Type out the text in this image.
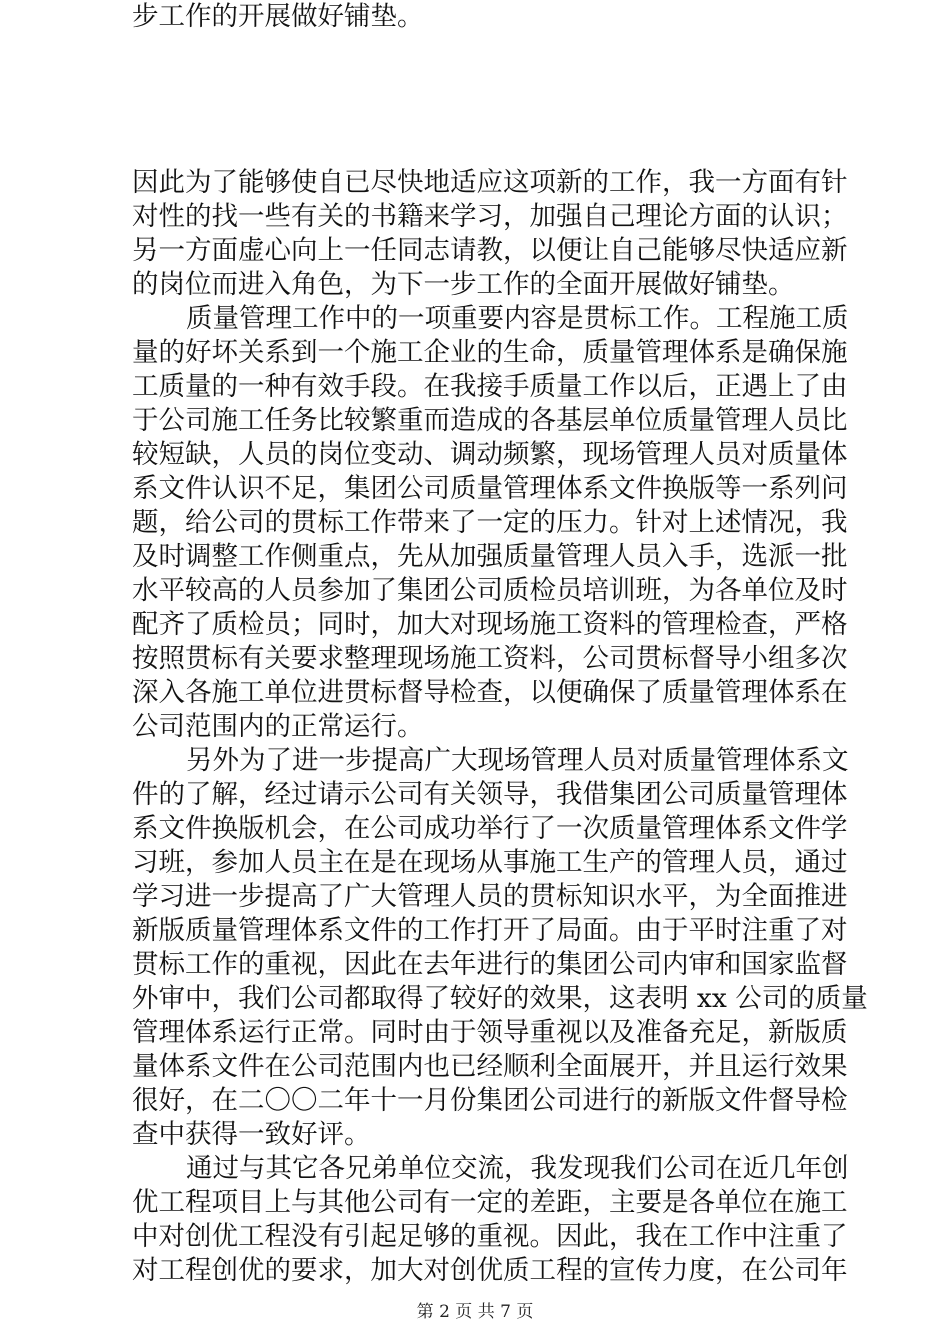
步工作的开展做好铺垫。
因此为了能够使自已尽快地适应这项新的工作，我一方面有针
对性的找一些有关的书籍来学习，加强自己理论方面的认识；
另一方面虚心向上一任同志请教，以便让自己能够尽快适应新
的岗位而进入角色，为下一步工作的全面开展做好铺垫。
质量管理工作中的一项重要内容是贯标工作。工程施工质
量的好坏关系到一个施工企业的生命，质量管理体系是确保施
工质量的一种有效手段。在我接手质量工作以后，正遇上了由
于公司施工任务比较繁重而造成的各基层单位质量管理人员比
较短缺，人员的岗位变动、调动频繁，现场管理人员对质量体
系文件认识不足，集团公司质量管理体系文件换版等一系列问
题，给公司的贯标工作带来了一定的压力。针对上述情况，我
及时调整工作侧重点，先从加强质量管理人员入手，选派一批
水平较高的人员参加了集团公司质检员培训班，为各单位及时
配齐了质检员；同时，加大对现场施工资料的管理检查，严格
按照贯标有关要求整理现场施工资料，公司贯标督导小组多次
深入各施工单位进贯标督导检查，以便确保了质量管理体系在
公司范围内的正常运行。
另外为了进一步提高广大现场管理人员对质量管理体系文
件的了解，经过请示公司有关领导，我借集团公司质量管理体
系文件换版机会，在公司成功举行了一次质量管理体系文件学
习班，参加人员主在是在现场从事施工生产的管理人员，通过
学习进一步提高了广大管理人员的贯标知识水平，为全面推进
新版质量管理体系文件的工作打开了局面。由于平时注重了对
贯标工作的重视，因此在去年进行的集团公司内审和国家监督
外审中，我们公司都取得了较好的效果，这表明 xx 公司的质量
管理体系运行正常。同时由于领导重视以及准备充足，新版质
量体系文件在公司范围内也已经顺利全面展开，并且运行效果
很好，在二〇〇二年十一月份集团公司进行的新版文件督导检
查中获得一致好评。
通过与其它各兄弟单位交流，我发现我们公司在近几年创
优工程项目上与其他公司有一定的差距，主要是各单位在施工
中对创优工程没有引起足够的重视。因此，我在工作中注重了
对工程创优的要求，加大对创优质工程的宣传力度，在公司年
第 2 页 共 7 页
